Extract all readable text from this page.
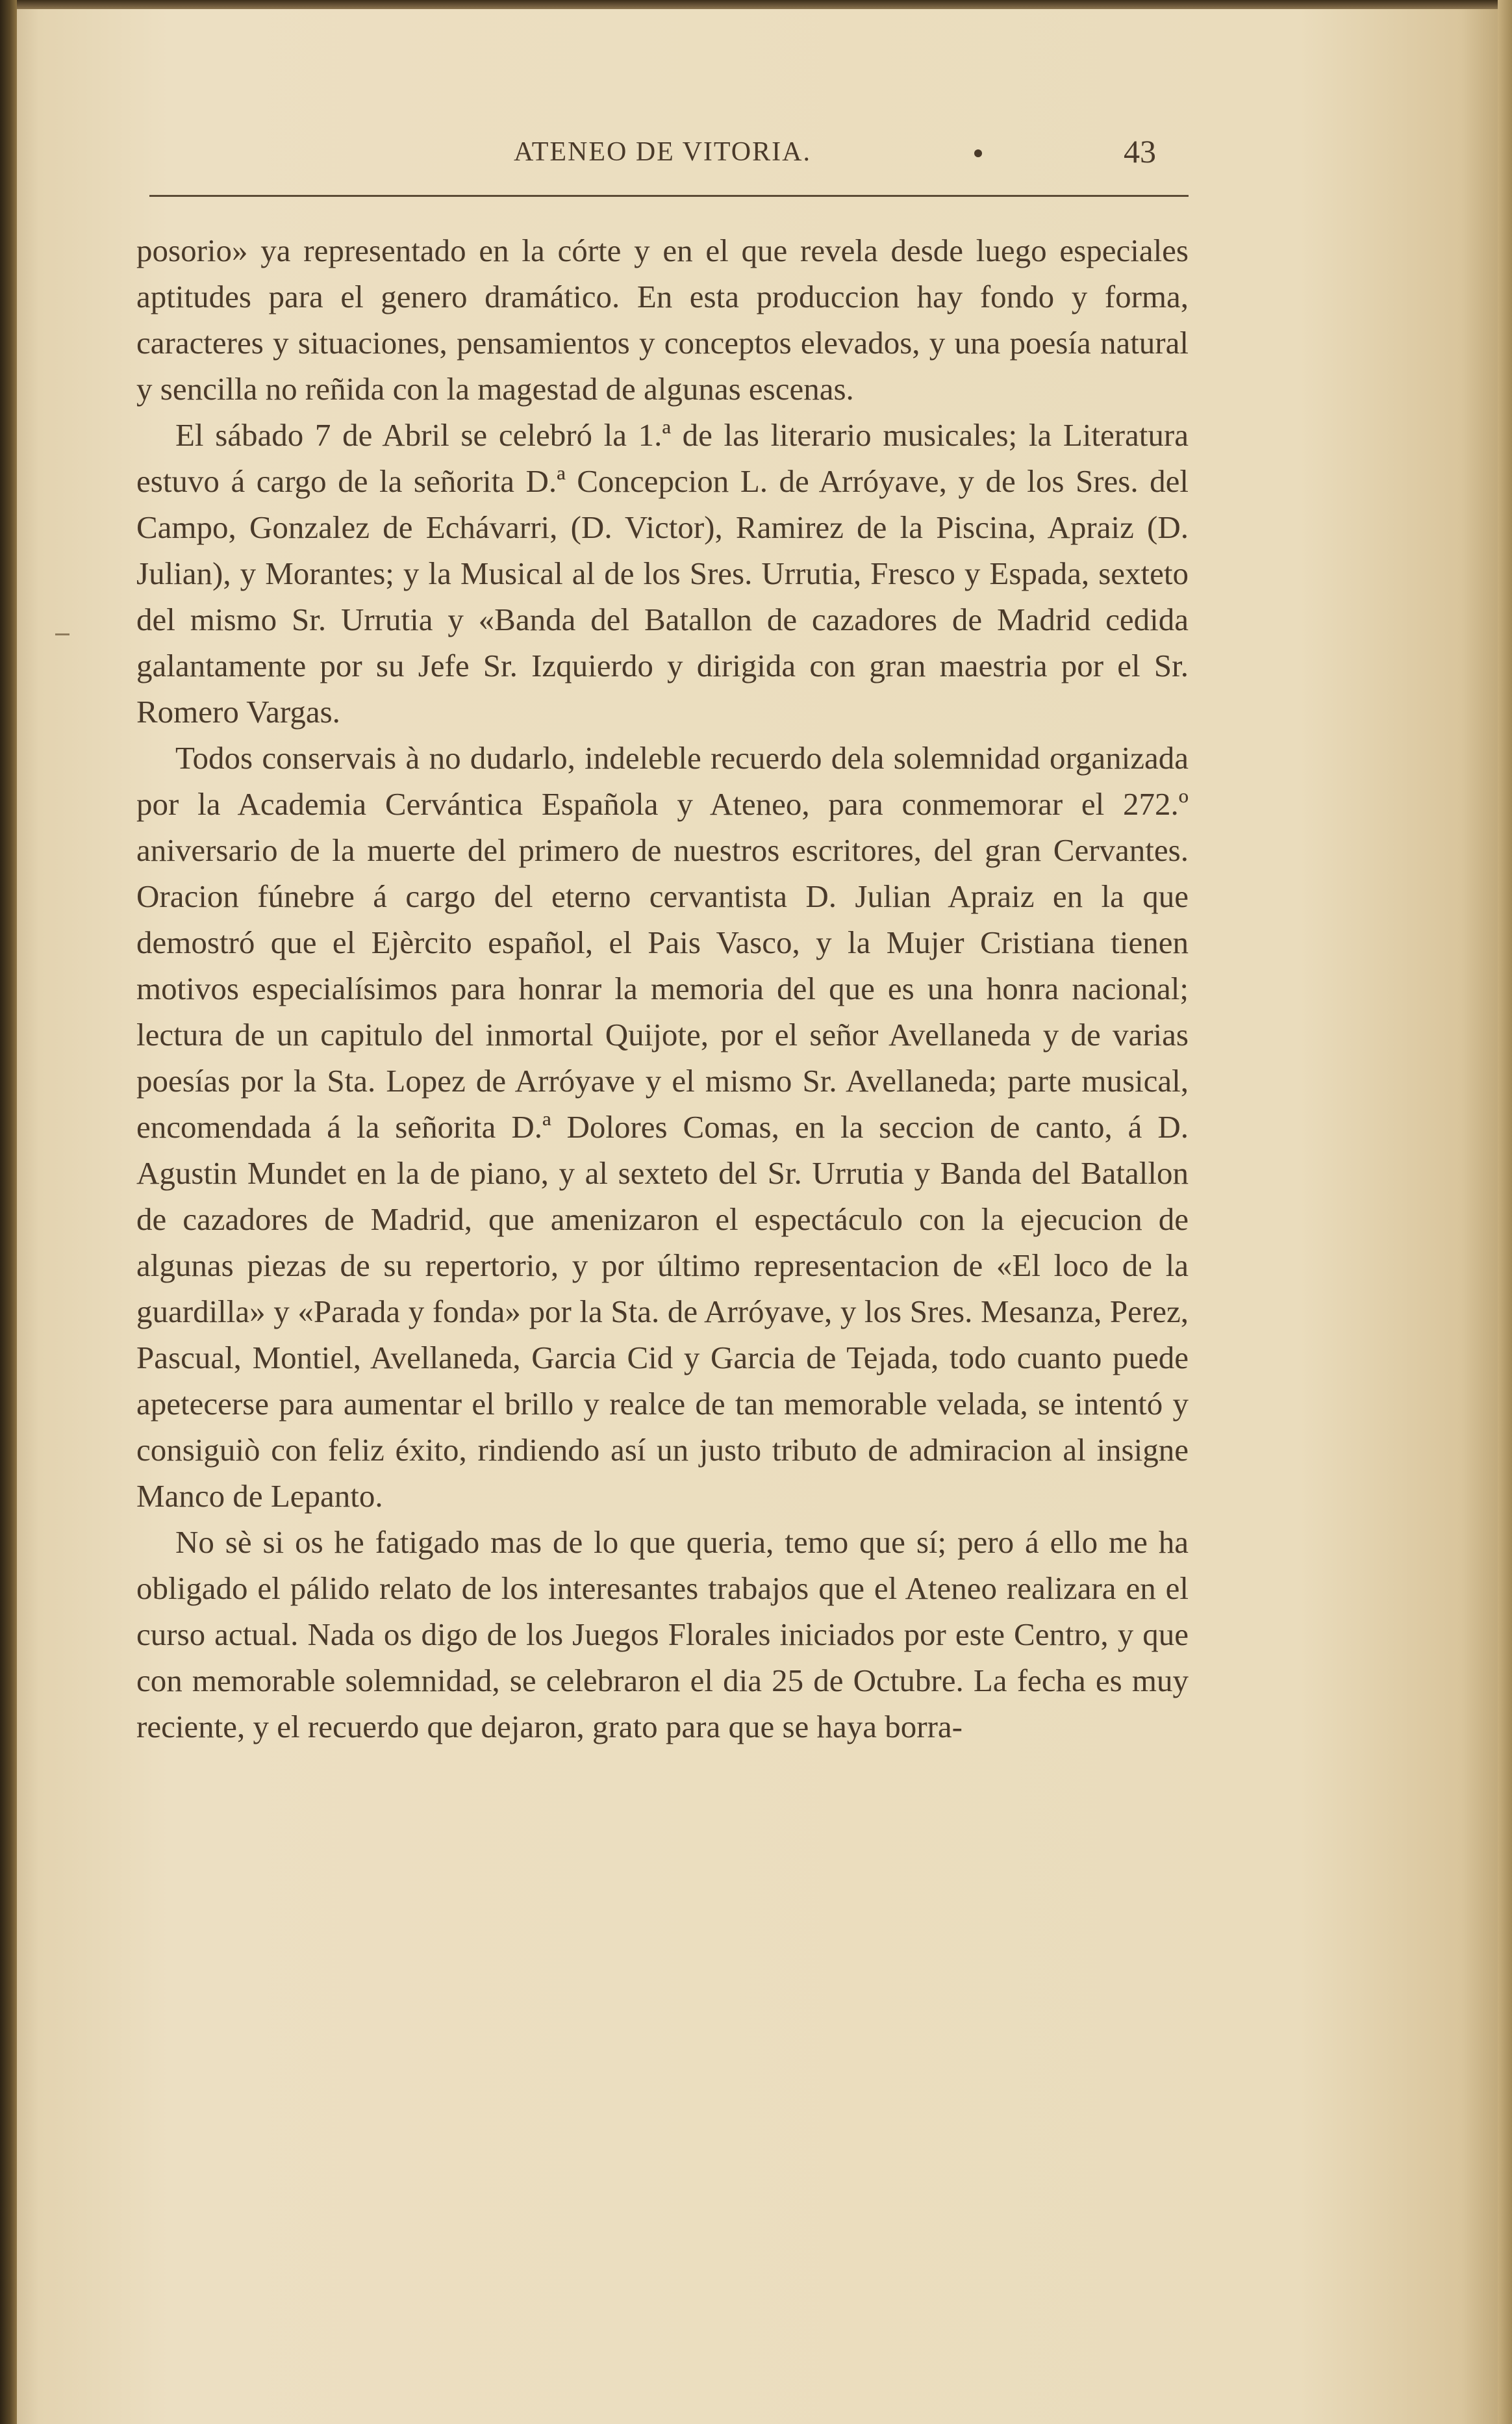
ATENEO DE VITORIA.	43

posorio» ya representado en la córte y en el que revela desde luego especiales aptitudes para el genero dramático. En esta produccion hay fondo y forma, caracteres y situaciones, pensamientos y conceptos elevados, y una poesía natural y sencilla no reñida con la magestad de algunas escenas.

El sábado 7 de Abril se celebró la 1.ª de las literario musicales; la Literatura estuvo á cargo de la señorita D.ª Concepcion L. de Arróyave, y de los Sres. del Campo, Gonzalez de Echávarri, (D. Victor), Ramirez de la Piscina, Apraiz (D. Julian), y Morantes; y la Musical al de los Sres. Urrutia, Fresco y Espada, sexteto del mismo Sr. Urrutia y «Banda del Batallon de cazadores de Madrid cedida galantamente por su Jefe Sr. Izquierdo y dirigida con gran maestria por el Sr. Romero Vargas.

Todos conservais à no dudarlo, indeleble recuerdo dela solemnidad organizada por la Academia Cervántica Española y Ateneo, para conmemorar el 272.º aniversario de la muerte del primero de nuestros escritores, del gran Cervantes. Oracion fúnebre á cargo del eterno cervantista D. Julian Apraiz en la que demostró que el Ejèrcito español, el Pais Vasco, y la Mujer Cristiana tienen motivos especialísimos para honrar la memoria del que es una honra nacional; lectura de un capitulo del inmortal Quijote, por el señor Avellaneda y de varias poesías por la Sta. Lopez de Arróyave y el mismo Sr. Avellaneda; parte musical, encomendada á la señorita D.ª Dolores Comas, en la seccion de canto, á D. Agustin Mundet en la de piano, y al sexteto del Sr. Urrutia y Banda del Batallon de cazadores de Madrid, que amenizaron el espectáculo con la ejecucion de algunas piezas de su repertorio, y por último representacion de «El loco de la guardilla» y «Parada y fonda» por la Sta. de Arróyave, y los Sres. Mesanza, Perez, Pascual, Montiel, Avellaneda, Garcia Cid y Garcia de Tejada, todo cuanto puede apetecerse para aumentar el brillo y realce de tan memorable velada, se intentó y consiguiò con feliz éxito, rindiendo así un justo tributo de admiracion al insigne Manco de Lepanto.

No sè si os he fatigado mas de lo que queria, temo que sí; pero á ello me ha obligado el pálido relato de los interesantes trabajos que el Ateneo realizara en el curso actual. Nada os digo de los Juegos Florales iniciados por este Centro, y que con memorable solemnidad, se celebraron el dia 25 de Octubre. La fecha es muy reciente, y el recuerdo que dejaron, grato para que se haya borra-
